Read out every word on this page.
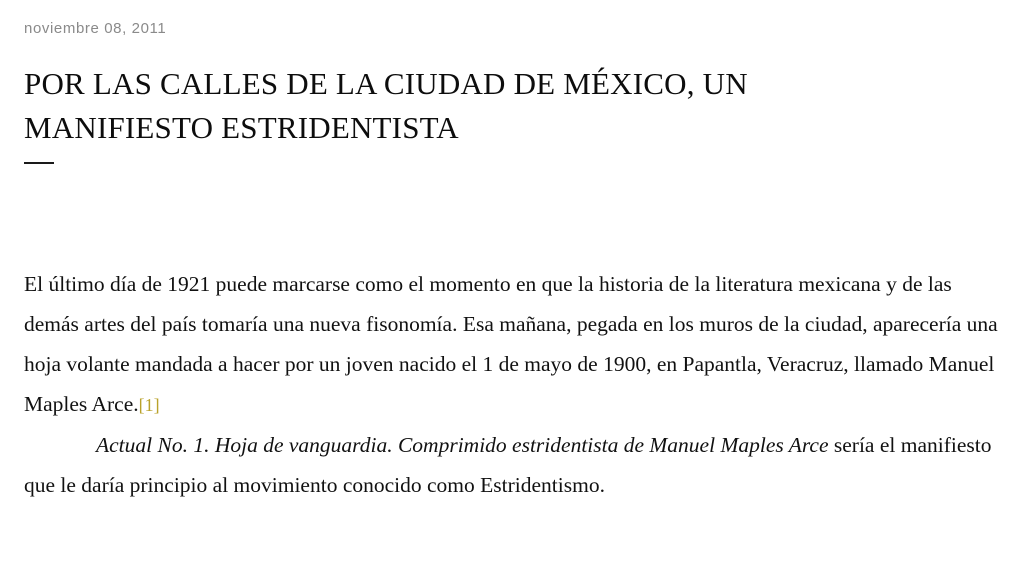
noviembre 08, 2011
POR LAS CALLES DE LA CIUDAD DE MÉXICO, UN MANIFIESTO ESTRIDENTISTA

El último día de 1921 puede marcarse como el momento en que la historia de la literatura mexicana y de las demás artes del país tomaría una nueva fisonomía. Esa mañana, pegada en los muros de la ciudad, aparecería una hoja volante mandada a hacer por un joven nacido el 1 de mayo de 1900, en Papantla, Veracruz, llamado Manuel Maples Arce.[1]

Actual No. 1. Hoja de vanguardia. Comprimido estridentista de Manuel Maples Arce sería el manifiesto que le daría principio al movimiento conocido como Estridentismo.
